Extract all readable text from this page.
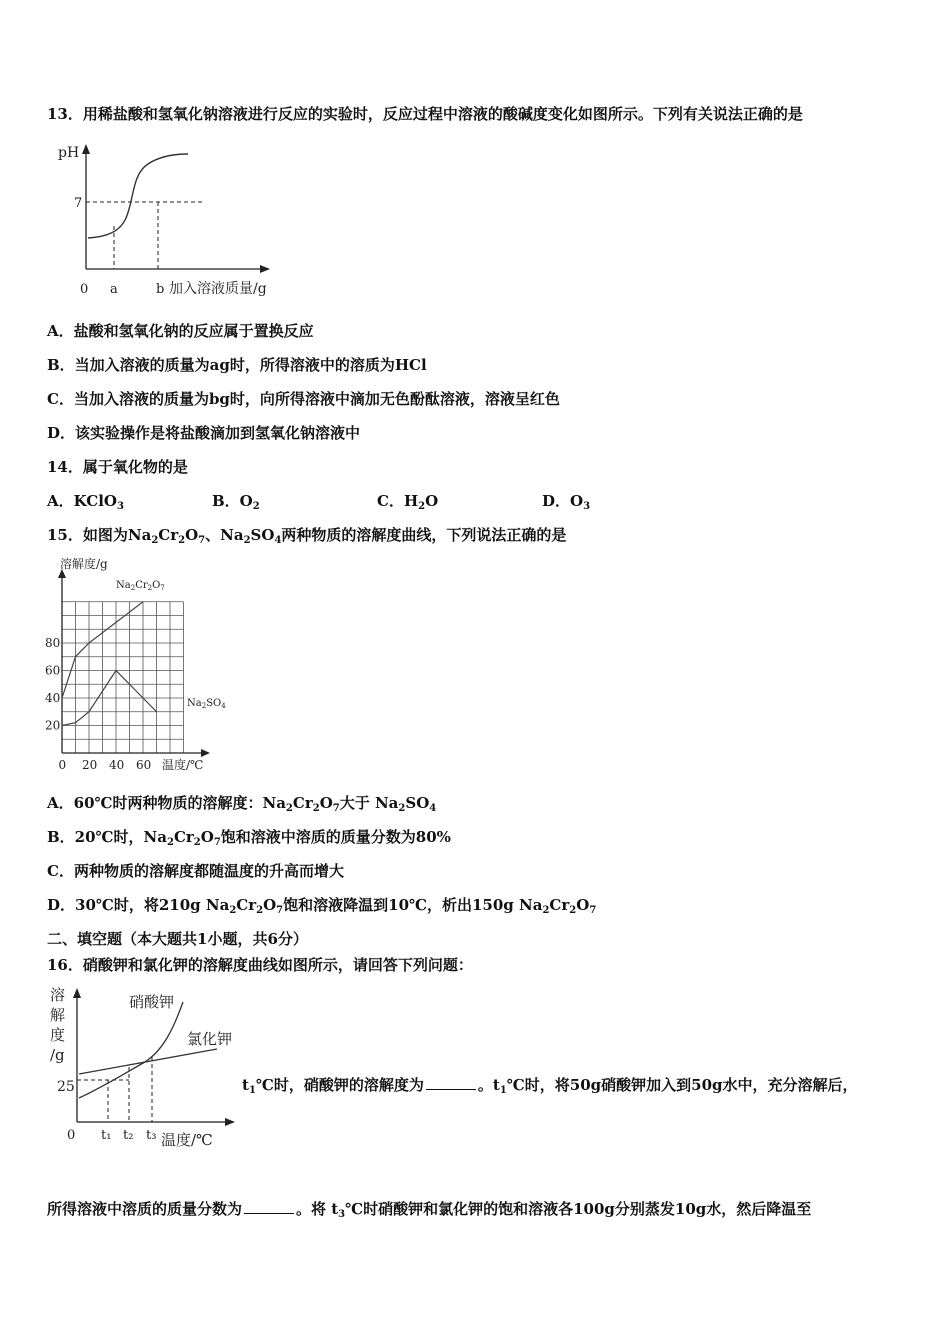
13．用稀盐酸和氢氧化钠溶液进行反应的实验时，反应过程中溶液的酸碱度变化如图所示。下列有关说法正确的是
pH
7
0 a	b 加入溶液质量/g
A．盐酸和氢氧化钠的反应属于置换反应
B．当加入溶液的质量为ag时，所得溶液中的溶质为HCl
C．当加入溶液的质量为bg时，向所得溶液中滴加无色酚酞溶液，溶液呈红色
D．该实验操作是将盐酸滴加到氢氧化钠溶液中
14．属于氧化物的是
A．KClO$_3$	B．$O_2$	C．$H_2O$	D．$O_3$
15．如图为$Na_2Cr_2O_7$、$Na_2SO_4$两种物质的溶解度曲线，下列说法正确的是
溶解度/g
0 20 40 60
20
40
60
80
温度/℃
$Na_2Cr_2O_7$
$Na_2SO_4$
A．60℃时两种物质的溶解度：$Na_2Cr_2O_7$大于 $Na_2SO_4$
B．20℃时，$Na_2Cr_2O_7$饱和溶液中溶质的质量分数为80%
C．两种物质的溶解度都随温度的升高而增大
D．30℃时，将210g $Na_2Cr_2O_7$饱和溶液降温到10℃，析出150g $Na_2Cr_2O_7$
二、填空题（本大题共1小题，共6分）
16．硝酸钾和氯化钾的溶解度曲线如图所示，请回答下列问题：
溶
解
度
/g
25
硝酸钾
氯化钾
0 t₁ t₂ t₃ 温度/℃
$t_1℃$时，硝酸钾的溶解度为	。$t_1℃$时，将50g硝酸钾加入到50g水中，充分溶解后，
所得溶液中溶质的质量分数为	。将 $t_3℃$时硝酸钾和氯化钾的饱和溶液各100g分别蒸发10g水，然后降温至
